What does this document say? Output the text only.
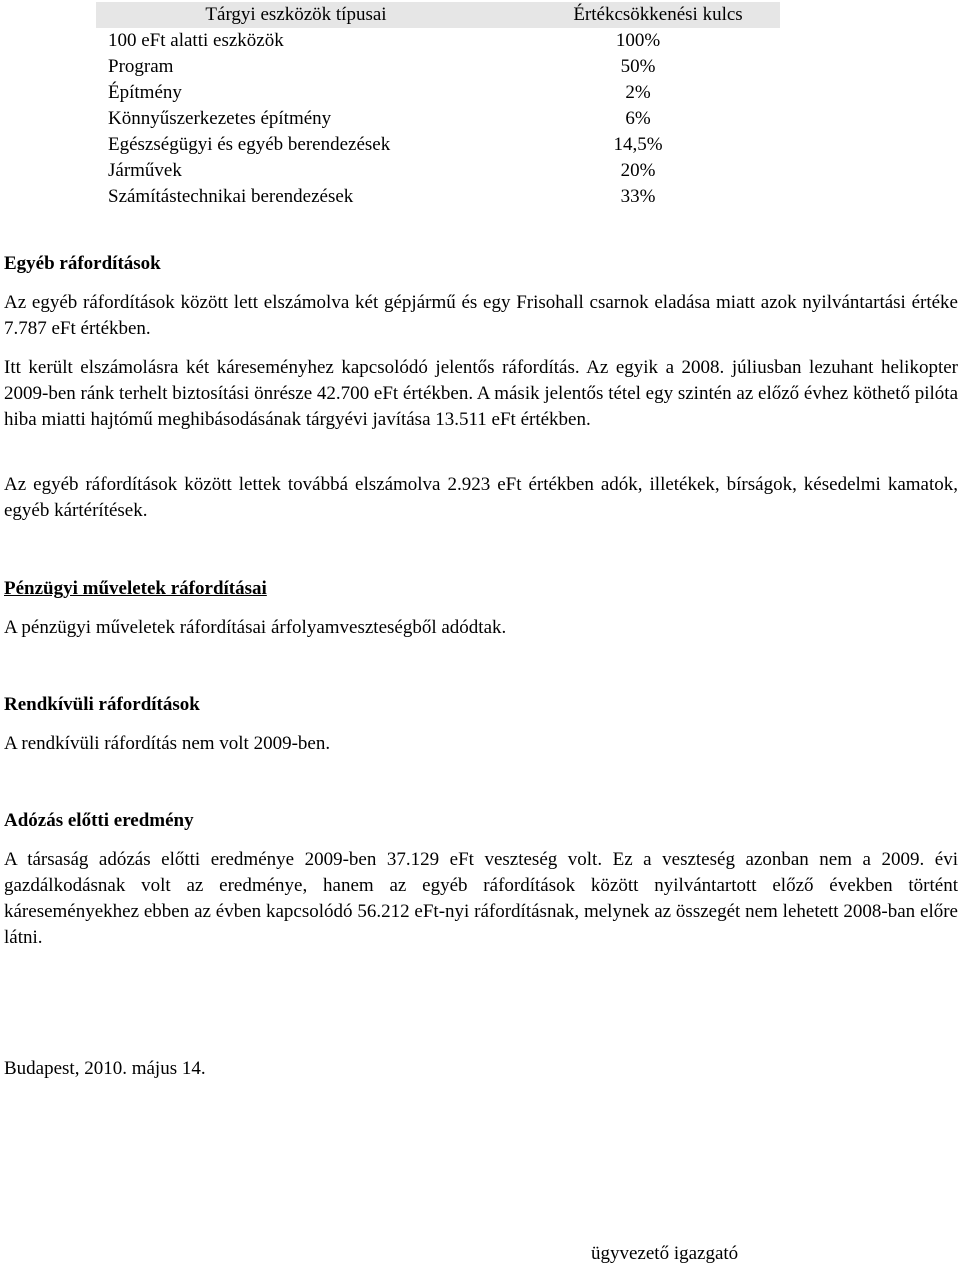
Tárgyi eszközök típusai	Értékcsökkenési kulcs
100 eFt alatti eszközök	100%
Program	50%
Építmény	2%
Könnyűszerkezetes építmény	6%
Egészségügyi és egyéb berendezések	14,5%
Járművek	20%
Számítástechnikai berendezések	33%
Egyéb ráfordítások
Az egyéb ráfordítások között lett elszámolva két gépjármű és egy Frisohall csarnok eladása miatt azok nyilvántartási értéke 7.787 eFt értékben.
Itt került elszámolásra két káreseményhez kapcsolódó jelentős ráfordítás. Az egyik a 2008. júliusban lezuhant helikopter 2009-ben ránk terhelt biztosítási önrésze 42.700 eFt értékben. A másik jelentős tétel egy szintén az előző évhez köthető pilóta hiba miatti hajtómű meghibásodásának tárgyévi javítása 13.511 eFt értékben.
Az egyéb ráfordítások között lettek továbbá elszámolva 2.923 eFt értékben adók, illetékek, bírságok, késedelmi kamatok, egyéb kártérítések.
Pénzügyi műveletek ráfordításai
A pénzügyi műveletek ráfordításai árfolyamveszteségből adódtak.
Rendkívüli ráfordítások
A rendkívüli ráfordítás nem volt 2009-ben.
Adózás előtti eredmény
A társaság adózás előtti eredménye 2009-ben 37.129 eFt veszteség volt. Ez a veszteség azonban nem a 2009. évi gazdálkodásnak volt az eredménye, hanem az egyéb ráfordítások között nyilvántartott előző években történt káreseményekhez ebben az évben kapcsolódó 56.212 eFt-nyi ráfordításnak, melynek az összegét nem lehetett 2008-ban előre látni.
Budapest, 2010. május 14.
ügyvezető igazgató
